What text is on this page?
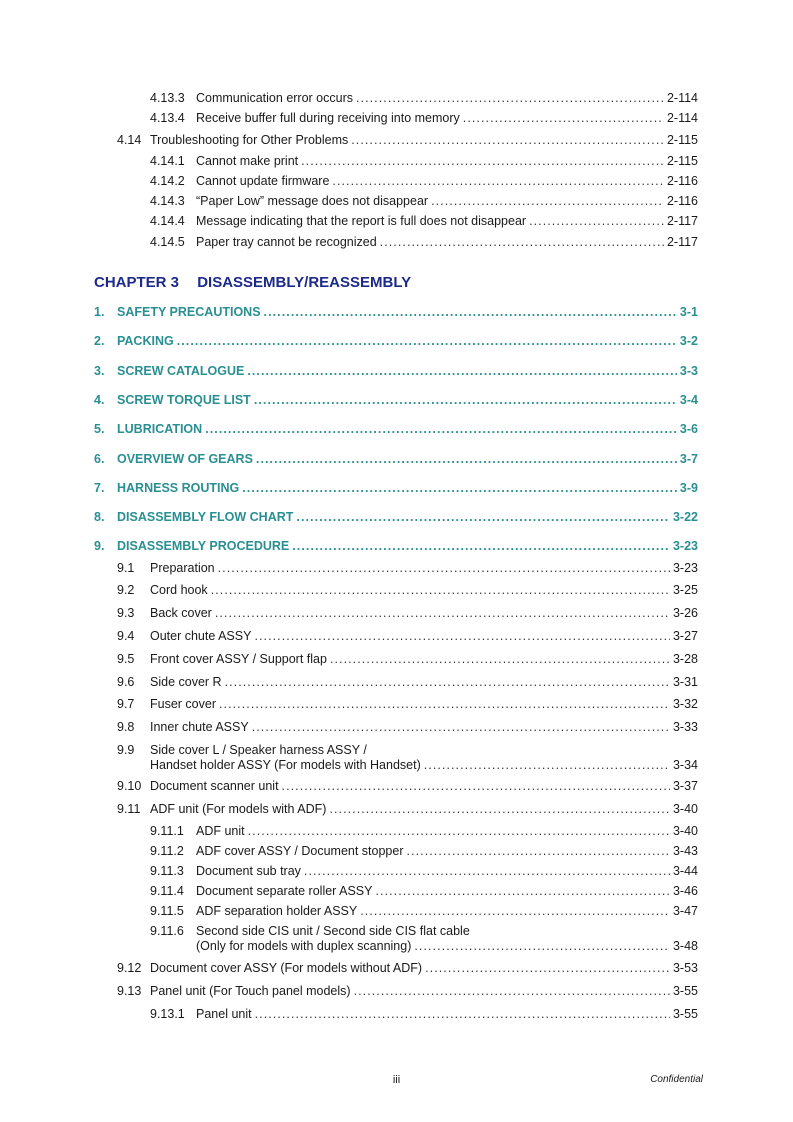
4.13.3 Communication error occurs . . .	2-114
4.13.4 Receive buffer full during receiving into memory . . .	2-114
4.14 Troubleshooting for Other Problems . . .	2-115
4.14.1 Cannot make print . . .	2-115
4.14.2 Cannot update firmware . . .	2-116
4.14.3 “Paper Low” message does not disappear . . .	2-116
4.14.4 Message indicating that the report is full does not disappear . . .	2-117
4.14.5 Paper tray cannot be recognized . . .	2-117
CHAPTER 3 DISASSEMBLY/REASSEMBLY
1.	SAFETY PRECAUTIONS . . .	3-1
2.	PACKING . . .	3-2
3.	SCREW CATALOGUE . . .	3-3
4.	SCREW TORQUE LIST . . .	3-4
5.	LUBRICATION . . .	3-6
6.	OVERVIEW OF GEARS . . .	3-7
7.	HARNESS ROUTING . . .	3-9
8.	DISASSEMBLY FLOW CHART . . .	3-22
9.	DISASSEMBLY PROCEDURE . . .	3-23
9.1	Preparation . . .	3-23
9.2	Cord hook . . .	3-25
9.3	Back cover . . .	3-26
9.4	Outer chute ASSY . . .	3-27
9.5	Front cover ASSY / Support flap . . .	3-28
9.6	Side cover R . . .	3-31
9.7	Fuser cover . . .	3-32
9.8	Inner chute ASSY . . .	3-33
9.9	Side cover L / Speaker harness ASSY /
Handset holder ASSY (For models with Handset) . . .	3-34
9.10 Document scanner unit . . .	3-37
9.11 ADF unit (For models with ADF) . . .	3-40
9.11.1 ADF unit . . .	3-40
9.11.2 ADF cover ASSY / Document stopper . . .	3-43
9.11.3 Document sub tray . . .	3-44
9.11.4 Document separate roller ASSY . . .	3-46
9.11.5 ADF separation holder ASSY . . .	3-47
9.11.6 Second side CIS unit / Second side CIS flat cable
(Only for models with duplex scanning) . . .	3-48
9.12 Document cover ASSY (For models without ADF) . . .	3-53
9.13 Panel unit (For Touch panel models) . . .	3-55
9.13.1 Panel unit . . .	3-55
iii	Confidential
